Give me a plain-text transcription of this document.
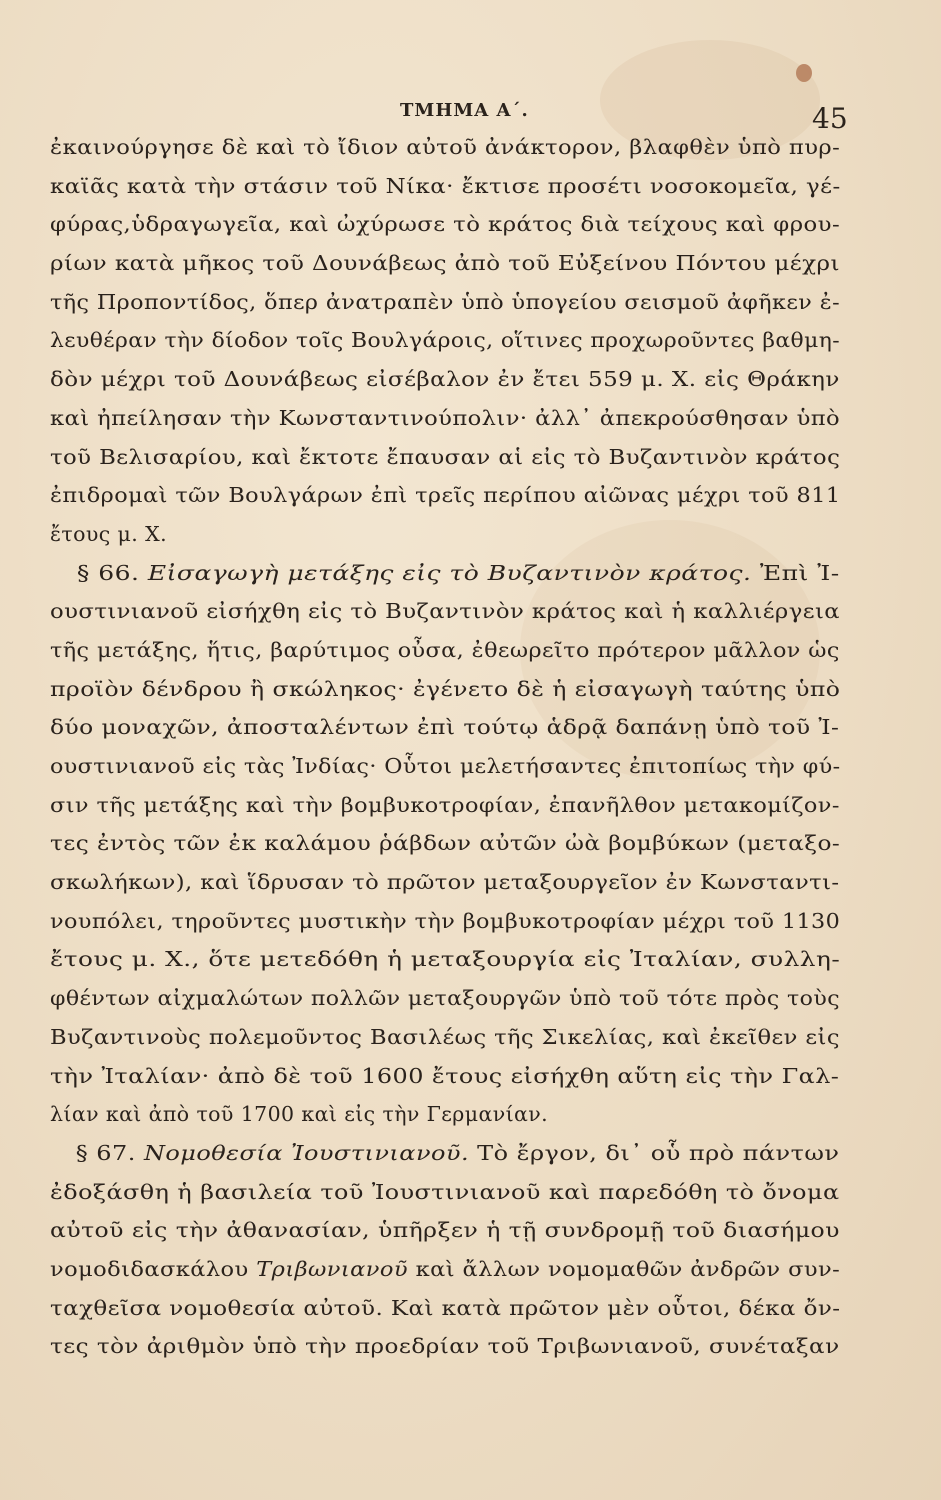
ΤΜΗΜΑ Α΄.	45
ἐκαινούργησε δὲ καὶ τὸ ἴδιον αὐτοῦ ἀνάκτορον, βλαφθὲν ὑπὸ πυρ-
καϊᾶς κατὰ τὴν στάσιν τοῦ Νίκα· ἔκτισε προσέτι νοσοκομεῖα, γέ-
φύρας,ὑδραγωγεῖα, καὶ ὠχύρωσε τὸ κράτος διὰ τείχους καὶ φρου-
ρίων κατὰ μῆκος τοῦ Δουνάβεως ἀπὸ τοῦ Εὐξείνου Πόντου μέχρι
τῆς Προποντίδος, ὅπερ ἀνατραπὲν ὑπὸ ὑπογείου σεισμοῦ ἀφῆκεν ἐ-
λευθέραν τὴν δίοδον τοῖς Βουλγάροις, οἵτινες προχωροῦντες βαθμη-
δὸν μέχρι τοῦ Δουνάβεως εἰσέβαλον ἐν ἔτει 559 μ. Χ. εἰς Θράκην
καὶ ἠπείλησαν τὴν Κωνσταντινούπολιν· ἀλλ᾽ ἀπεκρούσθησαν ὑπὸ
τοῦ Βελισαρίου, καὶ ἔκτοτε ἔπαυσαν αἱ εἰς τὸ Βυζαντινὸν κράτος
ἐπιδρομαὶ τῶν Βουλγάρων ἐπὶ τρεῖς περίπου αἰῶνας μέχρι τοῦ 811
ἔτους μ. Χ.
§ 66. Εἰσαγωγὴ μετάξης εἰς τὸ Βυζαντινὸν κράτος. Ἐπὶ Ἰ-
ουστινιανοῦ εἰσήχθη εἰς τὸ Βυζαντινὸν κράτος καὶ ἡ καλλιέργεια
τῆς μετάξης, ἥτις, βαρύτιμος οὖσα, ἐθεωρεῖτο πρότερον μᾶλλον ὡς
προϊὸν δένδρου ἢ σκώληκος· ἐγένετο δὲ ἡ εἰσαγωγὴ ταύτης ὑπὸ
δύο μοναχῶν, ἀποσταλέντων ἐπὶ τούτῳ ἁδρᾷ δαπάνῃ ὑπὸ τοῦ Ἰ-
ουστινιανοῦ εἰς τὰς Ἰνδίας· Οὗτοι μελετήσαντες ἐπιτοπίως τὴν φύ-
σιν τῆς μετάξης καὶ τὴν βομβυκοτροφίαν, ἐπανῆλθον μετακομίζον-
τες ἐντὸς τῶν ἐκ καλάμου ῥάβδων αὐτῶν ὠὰ βομβύκων (μεταξο-
σκωλήκων), καὶ ἵδρυσαν τὸ πρῶτον μεταξουργεῖον ἐν Κωνσταντι-
νουπόλει, τηροῦντες μυστικὴν τὴν βομβυκοτροφίαν μέχρι τοῦ 1130
ἔτους μ. Χ., ὅτε μετεδόθη ἡ μεταξουργία εἰς Ἰταλίαν, συλλη-
φθέντων αἰχμαλώτων πολλῶν μεταξουργῶν ὑπὸ τοῦ τότε πρὸς τοὺς
Βυζαντινοὺς πολεμοῦντος Βασιλέως τῆς Σικελίας, καὶ ἐκεῖθεν εἰς
τὴν Ἰταλίαν· ἀπὸ δὲ τοῦ 1600 ἔτους εἰσήχθη αὕτη εἰς τὴν Γαλ-
λίαν καὶ ἀπὸ τοῦ 1700 καὶ εἰς τὴν Γερμανίαν.
§ 67. Νομοθεσία Ἰουστινιανοῦ. Τὸ ἔργον, δι᾽ οὗ πρὸ πάντων
ἐδοξάσθη ἡ βασιλεία τοῦ Ἰουστινιανοῦ καὶ παρεδόθη τὸ ὄνομα
αὐτοῦ εἰς τὴν ἀθανασίαν, ὑπῆρξεν ἡ τῇ συνδρομῇ τοῦ διασήμου
νομοδιδασκάλου Τριβωνιανοῦ καὶ ἄλλων νομομαθῶν ἀνδρῶν συν-
ταχθεῖσα νομοθεσία αὐτοῦ. Καὶ κατὰ πρῶτον μὲν οὗτοι, δέκα ὄν-
τες τὸν ἀριθμὸν ὑπὸ τὴν προεδρίαν τοῦ Τριβωνιανοῦ, συνέταξαν
